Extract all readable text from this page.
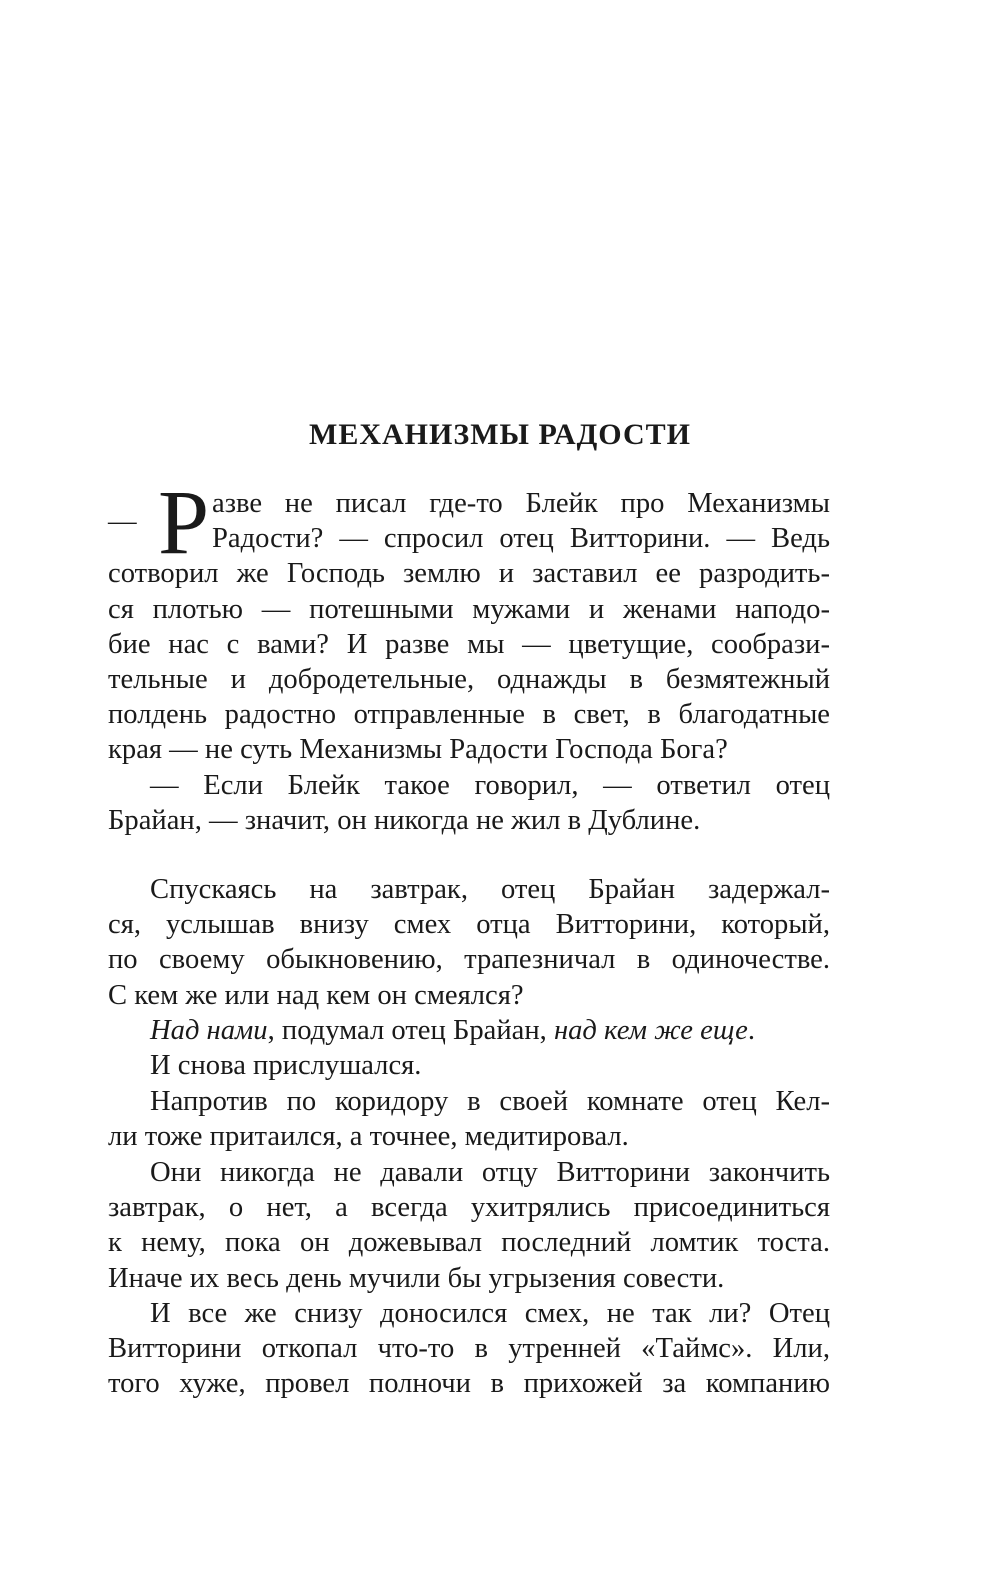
МЕХАНИЗМЫ РАДОСТИ
— Р азве не писал где-то Блейк про Механизмы
Радости? — спросил отец Витторини. — Ведь
сотворил же Господь землю и заставил ее разродить-
ся плотью — потешными мужами и женами наподо-
бие нас с вами? И разве мы — цветущие, сообрази-
тельные и добродетельные, однажды в безмятежный
полдень радостно отправленные в свет, в благодатные
края — не суть Механизмы Радости Господа Бога?
— Если Блейк такое говорил, — ответил отец
Брайан, — значит, он никогда не жил в Дублине.
Спускаясь на завтрак, отец Брайан задержал-
ся, услышав внизу смех отца Витторини, который,
по своему обыкновению, трапезничал в одиночестве.
С кем же или над кем он смеялся?
Над нами, подумал отец Брайан, над кем же еще.
И снова прислушался.
Напротив по коридору в своей комнате отец Кел-
ли тоже притаился, а точнее, медитировал.
Они никогда не давали отцу Витторини закончить
завтрак, о нет, а всегда ухитрялись присоединиться
к нему, пока он дожевывал последний ломтик тоста.
Иначе их весь день мучили бы угрызения совести.
И все же снизу доносился смех, не так ли? Отец
Витторини откопал что-то в утренней «Таймс». Или,
того хуже, провел полночи в прихожей за компанию
